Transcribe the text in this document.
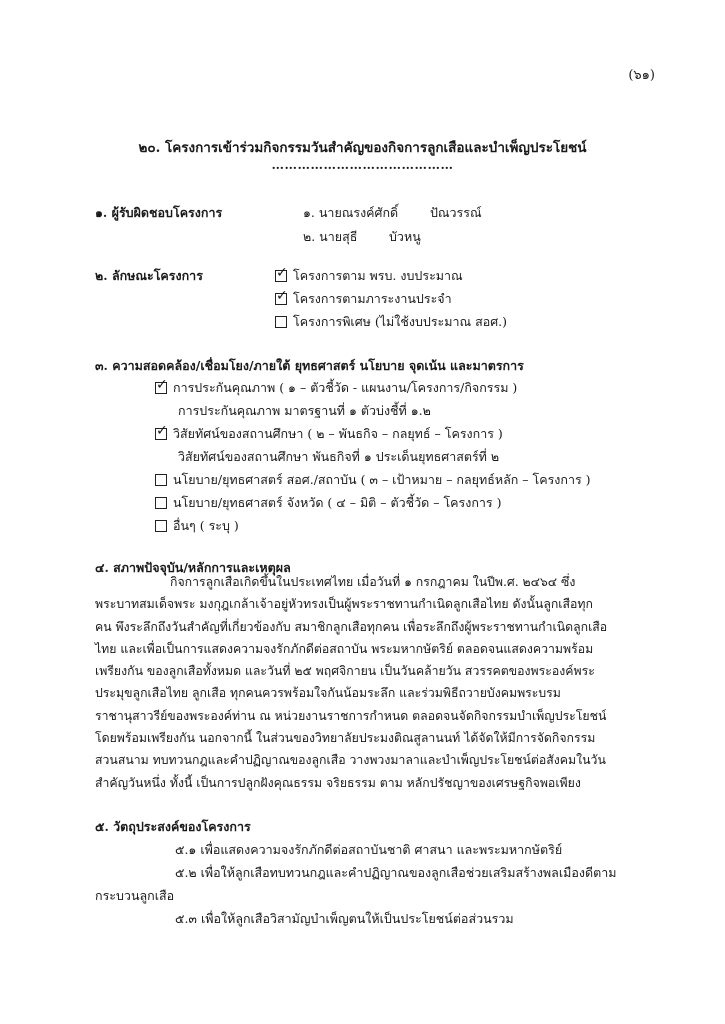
(๖๑)
๒๐. โครงการเข้าร่วมกิจกรรมวันสำคัญของกิจการลูกเสือและบำเพ็ญประโยชน์
……………………………………
๑. ผู้รับผิดชอบโครงการ	๑. นายณรงค์ศักดิ์	ปัณวรรณ์
๒. นายสุธี	บัวหนู
๒. ลักษณะโครงการ	✓ โครงการตาม พรบ. งบประมาณ
✓ โครงการตามภาระงานประจำ
โครงการพิเศษ (ไม่ใช้งบประมาณ สอศ.)
๓. ความสอดคล้อง/เชื่อมโยง/ภายใต้ ยุทธศาสตร์ นโยบาย จุดเน้น และมาตรการ
✓ การประกันคุณภาพ ( ๑ – ตัวชี้วัด - แผนงาน/โครงการ/กิจกรรม )
การประกันคุณภาพ มาตรฐานที่ ๑ ตัวบ่งชี้ที่ ๑.๒
✓ วิสัยทัศน์ของสถานศึกษา ( ๒ – พันธกิจ – กลยุทธ์ – โครงการ )
วิสัยทัศน์ของสถานศึกษา พันธกิจที่ ๑ ประเด็นยุทธศาสตร์ที่ ๒
นโยบาย/ยุทธศาสตร์ สอศ./สถาบัน ( ๓ – เป้าหมาย – กลยุทธ์หลัก – โครงการ )
นโยบาย/ยุทธศาสตร์ จังหวัด ( ๔ – มิติ – ตัวชี้วัด – โครงการ )
อื่นๆ ( ระบุ )
๔. สภาพปัจจุบัน/หลักการและเหตุผล

กิจการลูกเสือเกิดขึ้นในประเทศไทย เมื่อวันที่ ๑ กรกฎาคม ในปีพ.ศ. ๒๔๖๔ ซึ่ง

พระบาทสมเด็จพระ มงกุฎเกล้าเจ้าอยู่หัวทรงเป็นผู้พระราชทานกำเนิดลูกเสือไทย ดังนั้นลูกเสือทุก

คน พึงระลึกถึงวันสำคัญที่เกี่ยวข้องกับ สมาชิกลูกเสือทุกคน เพื่อระลึกถึงผู้พระราชทานกำเนิดลูกเสือ

ไทย และเพื่อเป็นการแสดงความจงรักภักดีต่อสถาบัน พระมหากษัตริย์ ตลอดจนแสดงความพร้อม

เพรียงกัน ของลูกเสือทั้งหมด และวันที่ ๒๕ พฤศจิกายน เป็นวันคล้ายวัน สวรรคตของพระองค์พระ

ประมุขลูกเสือไทย ลูกเสือ ทุกคนควรพร้อมใจกันน้อมระลึก และร่วมพิธีถวายบังคมพระบรม

ราชานุสาวรีย์ของพระองค์ท่าน ณ หน่วยงานราชการกำหนด ตลอดจนจัดกิจกรรมบำเพ็ญประโยชน์

โดยพร้อมเพรียงกัน นอกจากนี้ ในส่วนของวิทยาลัยประมงติณสูลานนท์ ได้จัดให้มีการจัดกิจกรรม

สวนสนาม ทบทวนกฎและคำปฏิญาณของลูกเสือ วางพวงมาลาและบำเพ็ญประโยชน์ต่อสังคมในวัน

สำคัญวันหนึ่ง ทั้งนี้ เป็นการปลูกฝังคุณธรรม จริยธรรม ตาม หลักปรัชญาของเศรษฐกิจพอเพียง

๕. วัตถุประสงค์ของโครงการ
๕.๑ เพื่อแสดงความจงรักภักดีต่อสถาบันชาติ ศาสนา และพระมหากษัตริย์
๕.๒ เพื่อให้ลูกเสือทบทวนกฎและคำปฏิญาณของลูกเสือช่วยเสริมสร้างพลเมืองดีตาม
กระบวนลูกเสือ
๕.๓ เพื่อให้ลูกเสือวิสามัญบำเพ็ญตนให้เป็นประโยชน์ต่อส่วนรวม
